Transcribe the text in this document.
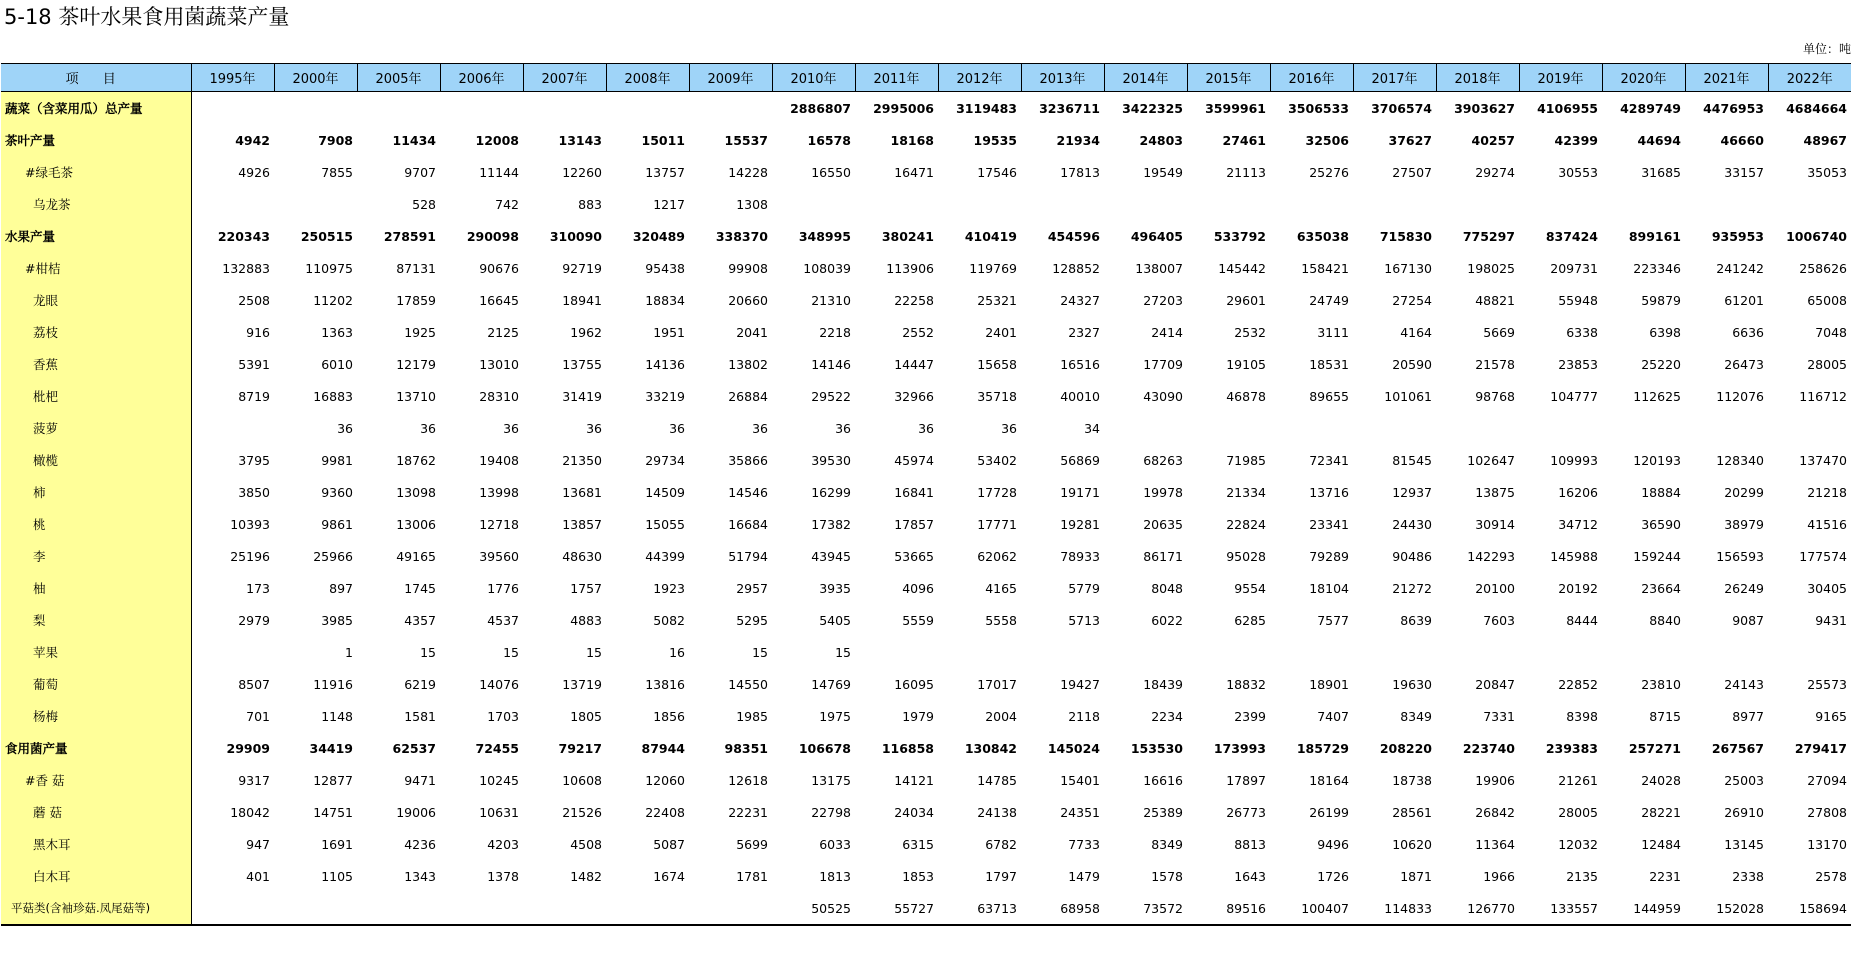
5-18 茶叶水果食用菌蔬菜产量
单位：吨
项 目	1995年	2000年	2005年	2006年	2007年	2008年	2009年	2010年	2011年	2012年	2013年	2014年	2015年	2016年	2017年	2018年	2019年	2020年	2021年	2022年
蔬菜（含菜用瓜）总产量								2886807	2995006	3119483	3236711	3422325	3599961	3506533	3706574	3903627	4106955	4289749	4476953	4684664
茶叶产量	4942	7908	11434	12008	13143	15011	15537	16578	18168	19535	21934	24803	27461	32506	37627	40257	42399	44694	46660	48967
#绿毛茶	4926	7855	9707	11144	12260	13757	14228	16550	16471	17546	17813	19549	21113	25276	27507	29274	30553	31685	33157	35053
乌龙茶			528	742	883	1217	1308													
水果产量	220343	250515	278591	290098	310090	320489	338370	348995	380241	410419	454596	496405	533792	635038	715830	775297	837424	899161	935953	1006740
#柑桔	132883	110975	87131	90676	92719	95438	99908	108039	113906	119769	128852	138007	145442	158421	167130	198025	209731	223346	241242	258626
龙眼	2508	11202	17859	16645	18941	18834	20660	21310	22258	25321	24327	27203	29601	24749	27254	48821	55948	59879	61201	65008
荔枝	916	1363	1925	2125	1962	1951	2041	2218	2552	2401	2327	2414	2532	3111	4164	5669	6338	6398	6636	7048
香蕉	5391	6010	12179	13010	13755	14136	13802	14146	14447	15658	16516	17709	19105	18531	20590	21578	23853	25220	26473	28005
枇杷	8719	16883	13710	28310	31419	33219	26884	29522	32966	35718	40010	43090	46878	89655	101061	98768	104777	112625	112076	116712
菠萝		36	36	36	36	36	36	36	36	36	34									
橄榄	3795	9981	18762	19408	21350	29734	35866	39530	45974	53402	56869	68263	71985	72341	81545	102647	109993	120193	128340	137470
柿	3850	9360	13098	13998	13681	14509	14546	16299	16841	17728	19171	19978	21334	13716	12937	13875	16206	18884	20299	21218
桃	10393	9861	13006	12718	13857	15055	16684	17382	17857	17771	19281	20635	22824	23341	24430	30914	34712	36590	38979	41516
李	25196	25966	49165	39560	48630	44399	51794	43945	53665	62062	78933	86171	95028	79289	90486	142293	145988	159244	156593	177574
柚	173	897	1745	1776	1757	1923	2957	3935	4096	4165	5779	8048	9554	18104	21272	20100	20192	23664	26249	30405
梨	2979	3985	4357	4537	4883	5082	5295	5405	5559	5558	5713	6022	6285	7577	8639	7603	8444	8840	9087	9431
苹果		1	15	15	15	16	15	15												
葡萄	8507	11916	6219	14076	13719	13816	14550	14769	16095	17017	19427	18439	18832	18901	19630	20847	22852	23810	24143	25573
杨梅	701	1148	1581	1703	1805	1856	1985	1975	1979	2004	2118	2234	2399	7407	8349	7331	8398	8715	8977	9165
食用菌产量	29909	34419	62537	72455	79217	87944	98351	106678	116858	130842	145024	153530	173993	185729	208220	223740	239383	257271	267567	279417
#香 菇	9317	12877	9471	10245	10608	12060	12618	13175	14121	14785	15401	16616	17897	18164	18738	19906	21261	24028	25003	27094
蘑 菇	18042	14751	19006	10631	21526	22408	22231	22798	24034	24138	24351	25389	26773	26199	28561	26842	28005	28221	26910	27808
黑木耳	947	1691	4236	4203	4508	5087	5699	6033	6315	6782	7733	8349	8813	9496	10620	11364	12032	12484	13145	13170
白木耳	401	1105	1343	1378	1482	1674	1781	1813	1853	1797	1479	1578	1643	1726	1871	1966	2135	2231	2338	2578
平菇类(含袖珍菇.凤尾菇等)								50525	55727	63713	68958	73572	89516	100407	114833	126770	133557	144959	152028	158694
